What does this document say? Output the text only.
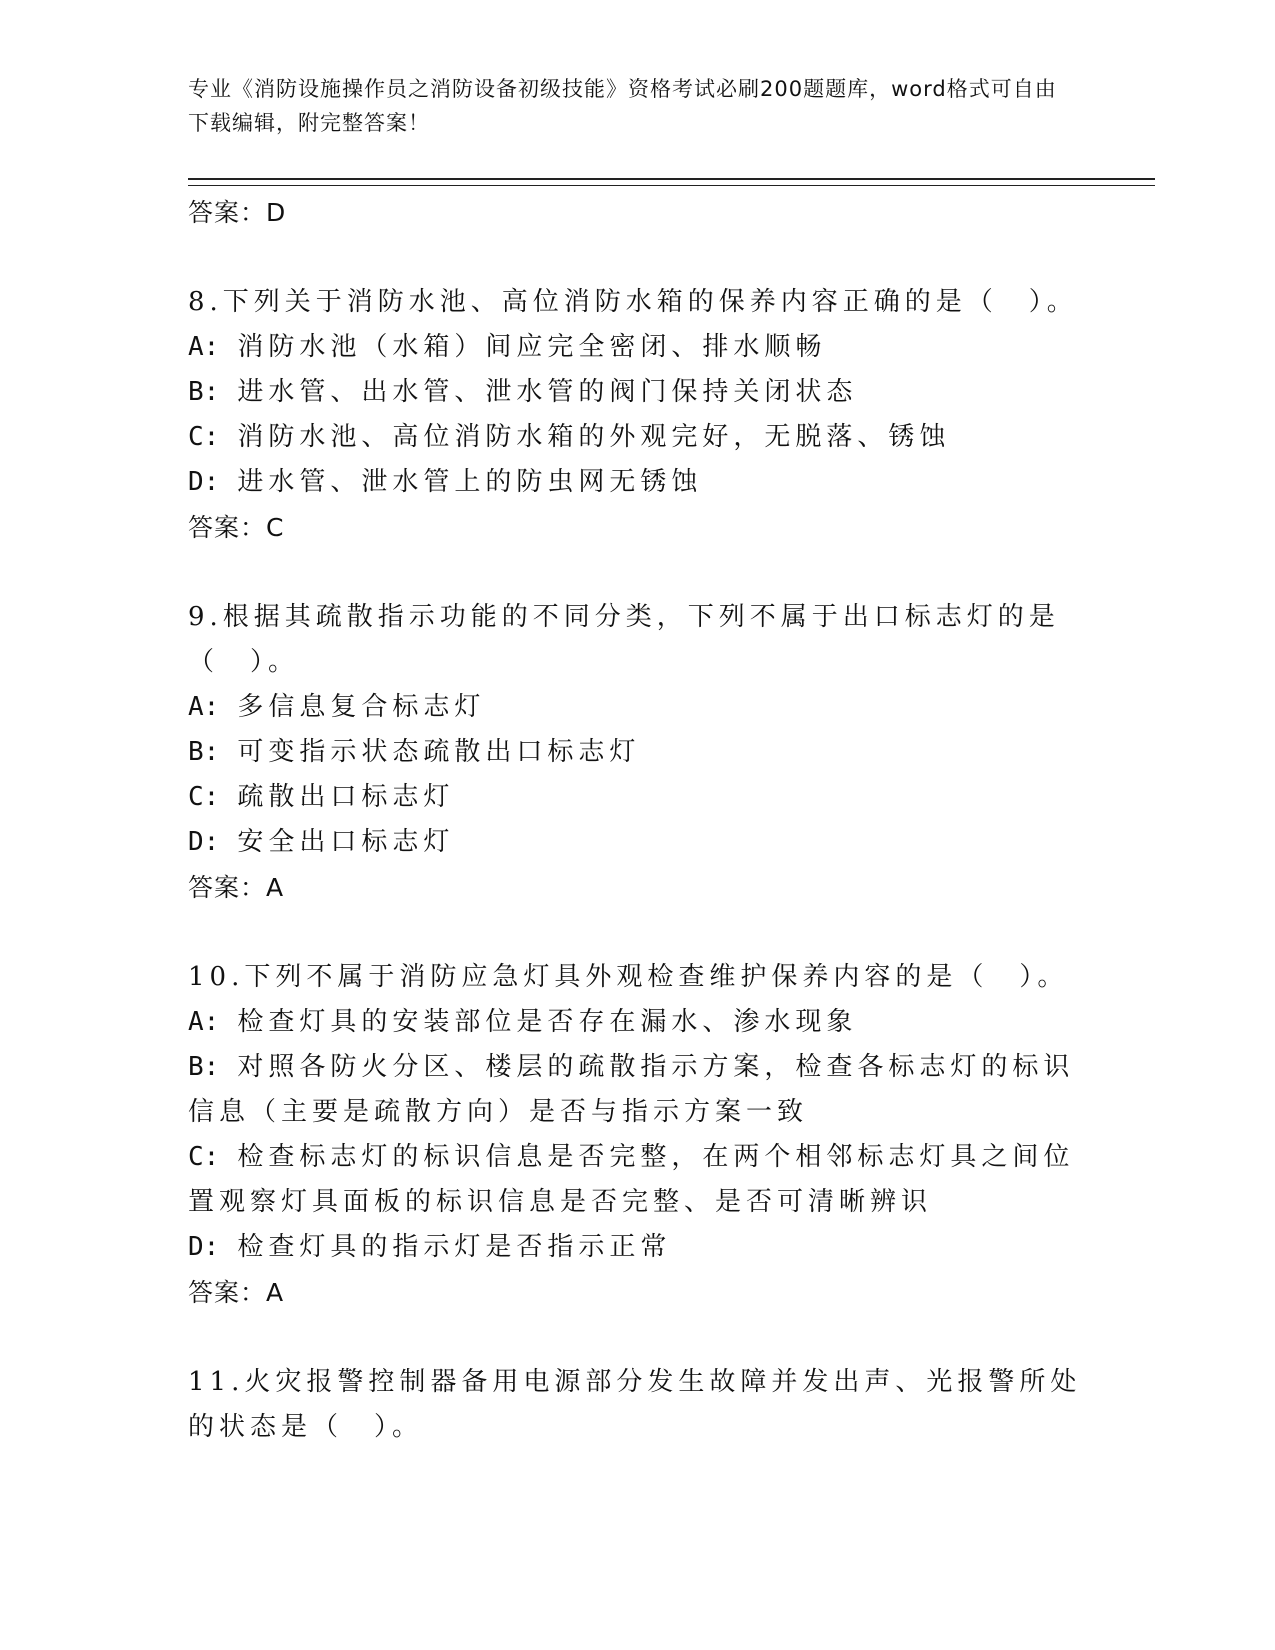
专业《消防设施操作员之消防设备初级技能》资格考试必刷200题题库，word格式可自由下载编辑，附完整答案！
答案：D

8.下列关于消防水池、高位消防水箱的保养内容正确的是（　）。

A: 消防水池（水箱）间应完全密闭、排水顺畅

B: 进水管、出水管、泄水管的阀门保持关闭状态

C: 消防水池、高位消防水箱的外观完好，无脱落、锈蚀

D: 进水管、泄水管上的防虫网无锈蚀

答案：C

9.根据其疏散指示功能的不同分类，下列不属于出口标志灯的是（　）。

A: 多信息复合标志灯

B: 可变指示状态疏散出口标志灯

C: 疏散出口标志灯

D: 安全出口标志灯

答案：A

10.下列不属于消防应急灯具外观检查维护保养内容的是（　）。

A: 检查灯具的安装部位是否存在漏水、渗水现象

B: 对照各防火分区、楼层的疏散指示方案，检查各标志灯的标识信息（主要是疏散方向）是否与指示方案一致

C: 检查标志灯的标识信息是否完整，在两个相邻标志灯具之间位置观察灯具面板的标识信息是否完整、是否可清晰辨识

D: 检查灯具的指示灯是否指示正常

答案：A

11.火灾报警控制器备用电源部分发生故障并发出声、光报警所处的状态是（　）。
